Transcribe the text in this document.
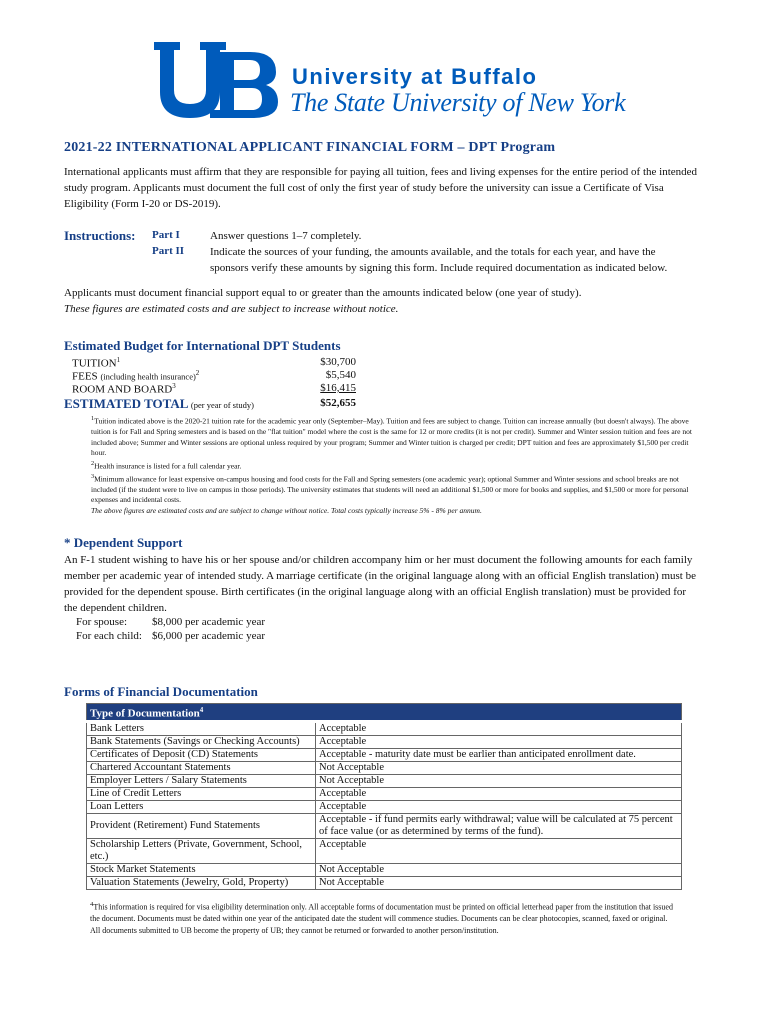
University at Buffalo
The State University of New York
2021-22 INTERNATIONAL APPLICANT FINANCIAL FORM – DPT Program
International applicants must affirm that they are responsible for paying all tuition, fees and living expenses for the entire period of the intended study program. Applicants must document the full cost of only the first year of study before the university can issue a Certificate of Visa Eligibility (Form I-20 or DS-2019).
Instructions: Part I	Answer questions 1–7 completely.
Part II Indicate the sources of your funding, the amounts available, and the totals for each year, and have the sponsors verify these amounts by signing this form. Include required documentation as indicated below.
Applicants must document financial support equal to or greater than the amounts indicated below (one year of study).
These figures are estimated costs and are subject to increase without notice.
Estimated Budget for International DPT Students
TUITION$^1$	$30,700
FEES (including health insurance)$^2$	$5,540
ROOM AND BOARD$^3$	$16,415
ESTIMATED TOTAL (per year of study)	$52,655
$^1$Tuition indicated above is the 2020-21 tuition rate for the academic year only (September–May). Tuition and fees are subject to change. Tuition can increase annually (but doesn't always). The above tuition is for Fall and Spring semesters and is based on the "flat tuition" model where the cost is the same for 12 or more credits (it is not per credit). Summer and Winter session tuition and fees are not included above; Summer and Winter sessions are optional unless required by your program; Summer and Winter tuition is charged per credit; DPT tuition and fees are approximately $1,500 per credit hour.
$^2$Health insurance is listed for a full calendar year.
$^3$Minimum allowance for least expensive on-campus housing and food costs for the Fall and Spring semesters (one academic year); optional Summer and Winter sessions and school breaks are not included (if the student were to live on campus in those periods). The university estimates that students will need an additional $1,500 or more for books and supplies, and $1,500 or more for personal expenses and incidental costs.
The above figures are estimated costs and are subject to change without notice. Total costs typically increase 5% - 8% per annum.
* Dependent Support
An F-1 student wishing to have his or her spouse and/or children accompany him or her must document the following amounts for each family member per academic year of intended study. A marriage certificate (in the original language along with an official English translation) must be provided for the dependent spouse. Birth certificates (in the original language along with an official English translation) must be provided for the dependent children.
For spouse: $8,000 per academic year
For each child: $6,000 per academic year
Forms of Financial Documentation
Type of Documentation$^4$
Bank Letters	Acceptable
Bank Statements (Savings or Checking Accounts)	Acceptable
Certificates of Deposit (CD) Statements	Acceptable - maturity date must be earlier than anticipated enrollment date.
Chartered Accountant Statements	Not Acceptable
Employer Letters / Salary Statements	Not Acceptable
Line of Credit Letters	Acceptable
Loan Letters	Acceptable
Provident (Retirement) Fund Statements	Acceptable - if fund permits early withdrawal; value will be calculated at 75 percent of face value (or as determined by terms of the fund).
Scholarship Letters (Private, Government, School, etc.)	Acceptable
Stock Market Statements	Not Acceptable
Valuation Statements (Jewelry, Gold, Property)	Not Acceptable
$^4$This information is required for visa eligibility determination only. All acceptable forms of documentation must be printed on official letterhead paper from the institution that issued the document. Documents must be dated within one year of the anticipated date the student will commence studies. Documents can be clear photocopies, scanned, faxed or original. All documents submitted to UB become the property of UB; they cannot be returned or forwarded to another person/institution.
